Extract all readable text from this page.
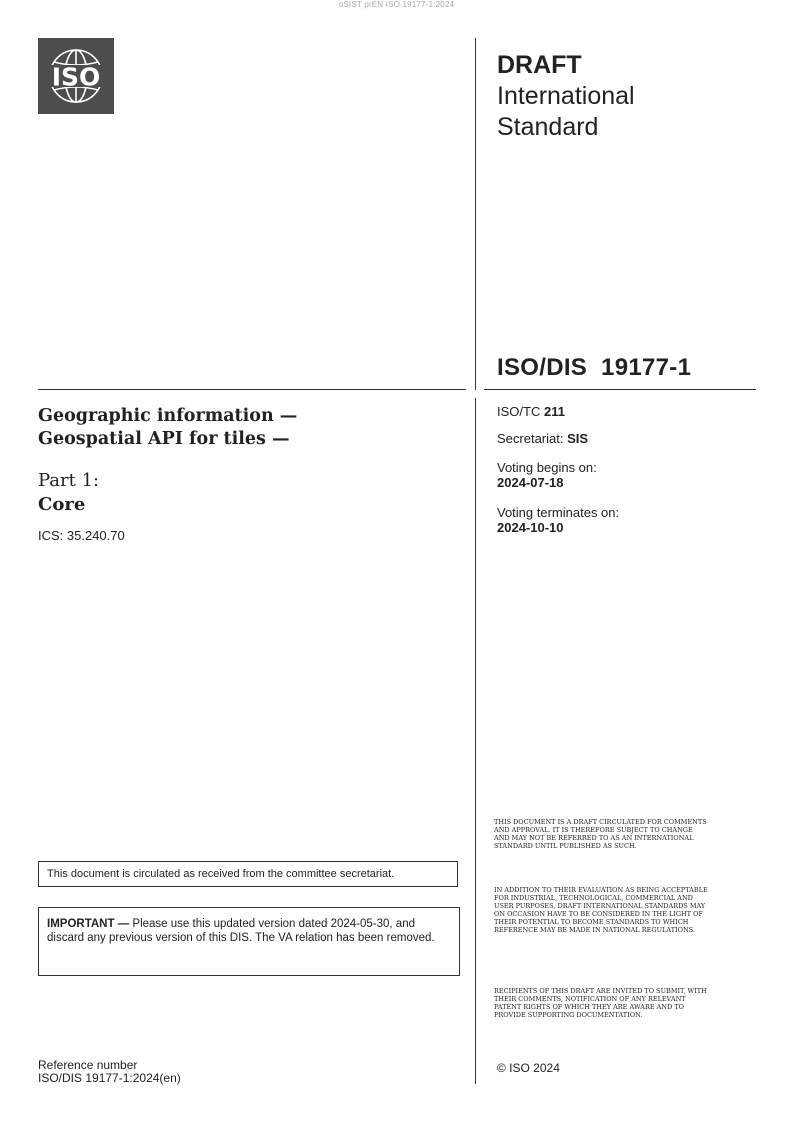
oSIST prEN ISO 19177-1:2024
ISO	DRAFT
International
Standard
ISO/DIS  19177-1
Geographic information —
Geospatial API for tiles —
Part 1:
Core
ICS: 35.240.70
ISO/TC 211
Secretariat: SIS
Voting begins on:
2024-07-18
Voting terminates on:
2024-10-10
This document is circulated as received from the committee secretariat.
IMPORTANT — Please use this updated version dated 2024-05-30, and discard any previous version of this DIS. The VA relation has been removed.
THIS DOCUMENT IS A DRAFT CIRCULATED FOR COMMENTS AND APPROVAL. IT IS THEREFORE SUBJECT TO CHANGE AND MAY NOT BE REFERRED TO AS AN INTERNATIONAL STANDARD UNTIL PUBLISHED AS SUCH.
IN ADDITION TO THEIR EVALUATION AS BEING ACCEPTABLE FOR INDUSTRIAL, TECHNOLOGICAL, COMMERCIAL AND USER PURPOSES, DRAFT INTERNATIONAL STANDARDS MAY ON OCCASION HAVE TO BE CONSIDERED IN THE LIGHT OF THEIR POTENTIAL TO BECOME STANDARDS TO WHICH REFERENCE MAY BE MADE IN NATIONAL REGULATIONS.
RECIPIENTS OF THIS DRAFT ARE INVITED TO SUBMIT, WITH THEIR COMMENTS, NOTIFICATION OF ANY RELEVANT PATENT RIGHTS OF WHICH THEY ARE AWARE AND TO PROVIDE SUPPORTING DOCUMENTATION.
© ISO 2024
Reference number
ISO/DIS 19177-1:2024(en)
